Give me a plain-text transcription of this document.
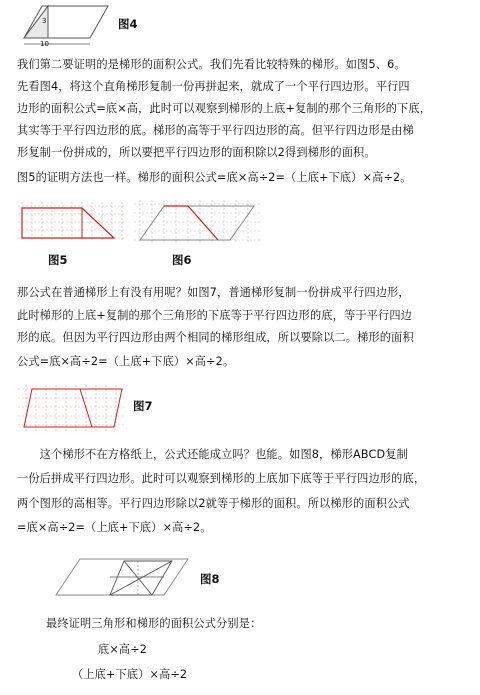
3
10
图4
我们第二要证明的是梯形的面积公式。我们先看比较特殊的梯形。如图5、6。
先看图4，将这个直角梯形复制一份再拼起来，就成了一个平行四边形。平行四
边形的面积公式=底×高，此时可以观察到梯形的上底+复制的那个三角形的下底，
其实等于平行四边形的底。梯形的高等于平行四边形的高。但平行四边形是由梯
形复制一份拼成的，所以要把平行四边形的面积除以2得到梯形的面积。
图5的证明方法也一样。梯形的面积公式=底×高÷2=（上底+下底）×高÷2。
图5	图6
那公式在普通梯形上有没有用呢？如图7，普通梯形复制一份拼成平行四边形，
此时梯形的上底+复制的那个三角形的下底等于平行四边形的底，等于平行四边
形的底。但因为平行四边形由两个相同的梯形组成，所以要除以二。梯形的面积
公式=底×高÷2=（上底+下底）×高÷2。
图7
　　这个梯形不在方格纸上，公式还能成立吗？也能。如图8，梯形ABCD复制
一份后拼成平行四边形。此时可以观察到梯形的上底加下底等于平行四边形的底，
两个图形的高相等。平行四边形除以2就等于梯形的面积。所以梯形的面积公式
=底×高÷2=（上底+下底）×高÷2。
图8
最终证明三角形和梯形的面积公式分别是：
底×高÷2
（上底+下底）×高÷2
